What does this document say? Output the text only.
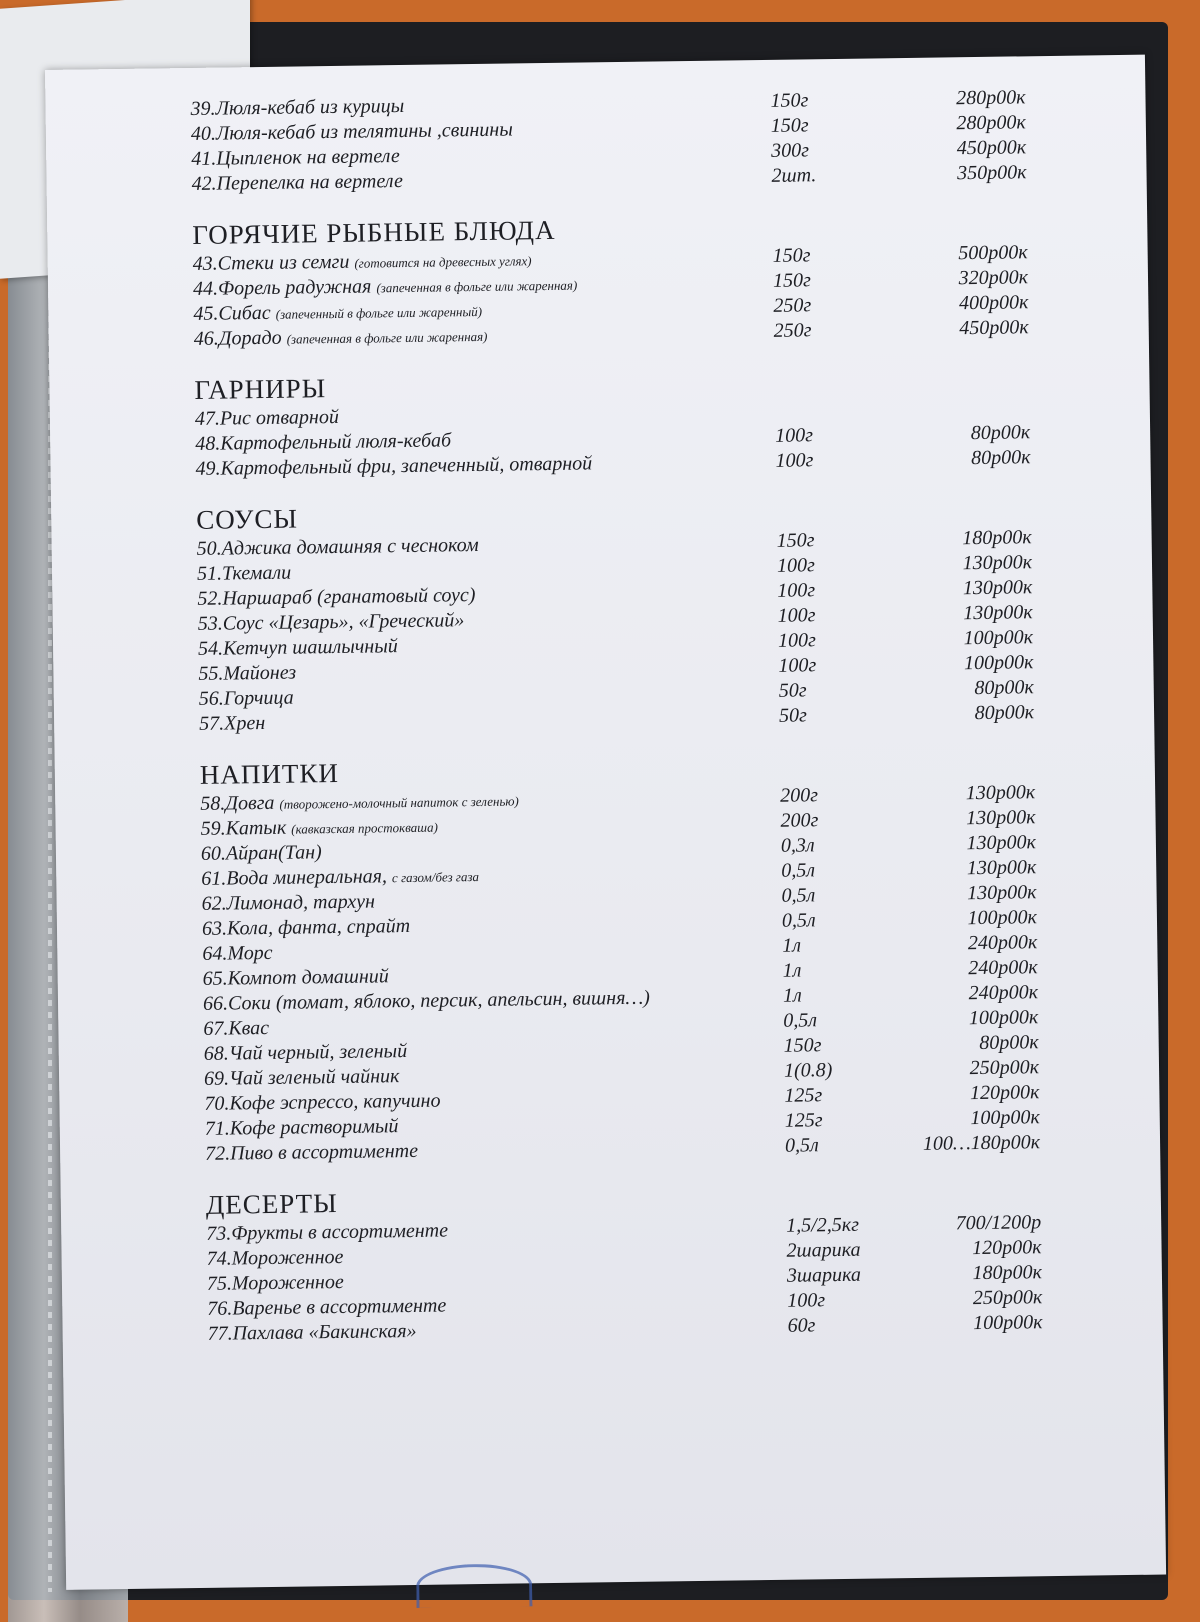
39.Люля-кебаб из курицы	150г	280р00к
40.Люля-кебаб из телятины ,свинины	150г	280р00к
41.Цыпленок на вертеле	300г	450р00к
42.Перепелка на вертеле	2шт.	350р00к
ГОРЯЧИЕ РЫБНЫЕ БЛЮДА
43.Стеки из семги (готовится на древесных углях)	150г	500р00к
44.Форель радужная (запеченная в фольге или жаренная)	150г	320р00к
45.Сибас (запеченный в фольге или жаренный)	250г	400р00к
46.Дорадо (запеченная в фольге или жаренная)	250г	450р00к
ГАРНИРЫ
47.Рис отварной
48.Картофельный люля-кебаб	100г	80р00к
49.Картофельный фри, запеченный, отварной	100г	80р00к
СОУСЫ
50.Аджика домашняя с чесноком	150г	180р00к
51.Ткемали	100г	130р00к
52.Наршараб (гранатовый соус)	100г	130р00к
53.Соус «Цезарь», «Греческий»	100г	130р00к
54.Кетчуп шашлычный	100г	100р00к
55.Майонез	100г	100р00к
56.Горчица	50г	80р00к
57.Хрен	50г	80р00к
НАПИТКИ
58.Довга (творожено-молочный напиток с зеленью)	200г	130р00к
59.Катык (кавказская простокваша)	200г	130р00к
60.Айран(Тан)	0,3л	130р00к
61.Вода минеральная, с газом/без газа	0,5л	130р00к
62.Лимонад, тархун	0,5л	130р00к
63.Кола, фанта, спрайт	0,5л	100р00к
64.Морс	1л	240р00к
65.Компот домашний	1л	240р00к
66.Соки (томат, яблоко, персик, апельсин, вишня…)	1л	240р00к
67.Квас	0,5л	100р00к
68.Чай черный, зеленый	150г	80р00к
69.Чай зеленый чайник	1(0.8)	250р00к
70.Кофе эспрессо, капучино	125г	120р00к
71.Кофе растворимый	125г	100р00к
72.Пиво в ассортименте	0,5л	100…180р00к
ДЕСЕРТЫ
73.Фрукты в ассортименте	1,5/2,5кг	700/1200р
74.Мороженное	2шарика	120р00к
75.Мороженное	3шарика	180р00к
76.Варенье в ассортименте	100г	250р00к
77.Пахлава «Бакинская»	60г	100р00к
